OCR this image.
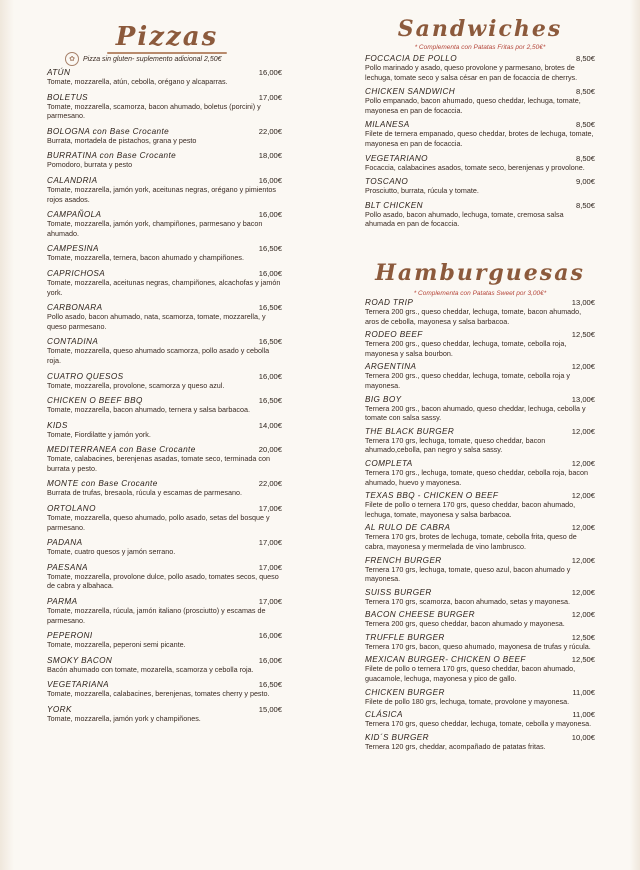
Pizzas
✿	Pizza sin gluten- suplemento adicional 2,50€
ATÚN	16,00€
Tomate, mozzarella, atún, cebolla, orégano y alcaparras.
BOLETUS	17,00€
Tomate, mozzarella, scamorza, bacon ahumado, boletus (porcini) y parmesano.
BOLOGNA con Base Crocante	22,00€
Burrata, mortadela de pistachos, grana y pesto
BURRATINA con Base Crocante	18,00€
Pomodoro, burrata y pesto
CALANDRIA	16,00€
Tomate, mozzarella, jamón york, aceitunas negras, orégano y pimientos rojos asados.
CAMPAÑOLA	16,00€
Tomate, mozzarella, jamón york, champiñones, parmesano y bacon ahumado.
CAMPESINA	16,50€
Tomate, mozzarella, ternera, bacon ahumado y champiñones.
CAPRICHOSA	16,00€
Tomate, mozzarella, aceitunas negras, champiñones, alcachofas y jamón york.
CARBONARA	16,50€
Pollo asado, bacon ahumado, nata, scamorza, tomate, mozzarella, y queso parmesano.
CONTADINA	16,50€
Tomate, mozzarella, queso ahumado scamorza, pollo asado y cebolla roja.
CUATRO QUESOS	16,00€
Tomate, mozzarella, provolone, scamorza y queso azul.
CHICKEN O BEEF BBQ	16,50€
Tomate, mozzarella, bacon ahumado, ternera y salsa barbacoa.
KIDS	14,00€
Tomate, Fiordilatte y jamón york.
MEDITERRANEA con Base Crocante	20,00€
Tomate, calabacines, berenjenas asadas, tomate seco, terminada con burrata y pesto.
MONTE con Base Crocante	22,00€
Burrata de trufas, bresaola, rúcula y escamas de parmesano.
ORTOLANO	17,00€
Tomate, mozzarella, queso ahumado, pollo asado, setas del bosque y parmesano.
PADANA	17,00€
Tomate, cuatro quesos y jamón serrano.
PAESANA	17,00€
Tomate, mozzarella, provolone dulce, pollo asado, tomates secos, queso de cabra y albahaca.
PARMA	17,00€
Tomate, mozzarella, rúcula, jamón italiano (prosciutto) y escamas de parmesano.
PEPERONI	16,00€
Tomate, mozzarella, peperoni semi picante.
SMOKY BACON	16,00€
Bacón ahumado con tomate, mozarella, scamorza y cebolla roja.
VEGETARIANA	16,50€
Tomate, mozzarella, calabacines, berenjenas, tomates cherry y pesto.
YORK	15,00€
Tomate, mozzarella, jamón york y champiñones.
Sandwiches
* Complementa con Patatas Fritas por 2,50€*
FOCCACIA DE POLLO	8,50€
Pollo marinado y asado, queso provolone y parmesano, brotes de lechuga, tomate seco y salsa césar en pan de focaccia de cherrys.
CHICKEN SANDWICH	8,50€
Pollo empanado, bacon ahumado, queso cheddar, lechuga, tomate, mayonesa en pan de focaccia.
MILANESA	8,50€
Filete de ternera empanado, queso cheddar, brotes de lechuga, tomate, mayonesa en pan de focaccia.
VEGETARIANO	8,50€
Focaccia, calabacines asados, tomate seco, berenjenas y provolone.
TOSCANO	9,00€
Prosciutto, burrata, rúcula y tomate.
BLT CHICKEN	8,50€
Pollo asado, bacon ahumado, lechuga, tomate, cremosa salsa ahumada en pan de focaccia.
Hamburguesas
* Complementa con Patatas Sweet por 3,00€*
ROAD TRIP	13,00€
Ternera 200 grs., queso cheddar, lechuga, tomate, bacon ahumado, aros de cebolla, mayonesa y salsa barbacoa.
RODEO BEEF	12,50€
Ternera 200 grs., queso cheddar, lechuga, tomate, cebolla roja, mayonesa y salsa bourbon.
ARGENTINA	12,00€
Ternera 200 grs., queso cheddar, lechuga, tomate, cebolla roja y mayonesa.
BIG BOY	13,00€
Ternera 200 grs., bacon ahumado, queso cheddar, lechuga, cebolla y tomate con salsa sassy.
THE BLACK BURGER	12,00€
Ternera 170 grs, lechuga, tomate, queso cheddar, bacon ahumado,cebolla, pan negro y salsa sassy.
COMPLETA	12,00€
Ternera 170 grs., lechuga, tomate, queso cheddar, cebolla roja, bacon ahumado, huevo y mayonesa.
TEXAS BBQ - CHICKEN O BEEF	12,00€
Filete de pollo o ternera 170 grs, queso cheddar, bacon ahumado, lechuga, tomate, mayonesa y salsa barbacoa.
AL RULO DE CABRA	12,00€
Ternera 170 grs, brotes de lechuga, tomate, cebolla frita, queso de cabra, mayonesa y mermelada de vino lambrusco.
FRENCH BURGER	12,00€
Ternera 170 grs, lechuga, tomate, queso azul, bacon ahumado y mayonesa.
SUISS BURGER	12,00€
Ternera 170 grs, scamorza, bacon ahumado, setas y mayonesa.
BACON CHEESE BURGER	12,00€
Ternera 200 grs, queso cheddar, bacon ahumado y mayonesa.
TRUFFLE BURGER	12,50€
Ternera 170 grs, bacon, queso ahumado, mayonesa de trufas y rúcula.
MEXICAN BURGER- CHICKEN O BEEF	12,50€
Filete de pollo o ternera 170 grs, queso cheddar, bacon ahumado, guacamole, lechuga, mayonesa y pico de gallo.
CHICKEN BURGER	11,00€
Filete de pollo 180 grs, lechuga, tomate, provolone y mayonesa.
CLÁSICA	11,00€
Ternera 170 grs, queso cheddar, lechuga, tomate, cebolla y mayonesa.
KID´S BURGER	10,00€
Ternera 120 grs, cheddar, acompañado de patatas fritas.
